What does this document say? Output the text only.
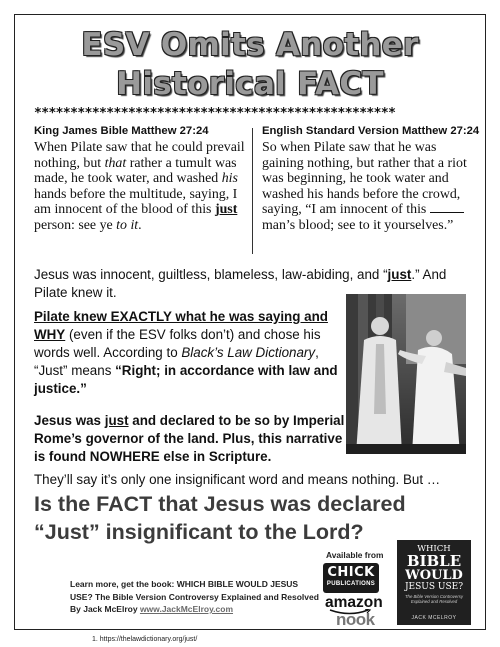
ESV Omits Another
Historical FACT
**************************************************
King James Bible Matthew 27:24
When Pilate saw that he could prevail nothing, but that rather a tumult was made, he took water, and washed his hands before the multitude, saying, I am innocent of the blood of this just person: see ye to it.
English Standard Version Matthew 27:24
So when Pilate saw that he was gaining nothing, but rather that a riot was beginning, he took water and washed his hands before the crowd, saying, “I am innocent of this  man’s blood; see to it yourselves.”

Jesus was innocent, guiltless, blameless, law-abiding, and “just.” And Pilate knew it.

Pilate knew EXACTLY what he was saying and WHY (even if the ESV folks don’t) and chose his words well. According to Black’s Law Dictionary, “Just” means “Right; in accordance with law and justice.”

Jesus was just and declared to be so by Imperial Rome’s governor of the land. Plus, this narrative is found NOWHERE else in Scripture.

They’ll say it’s only one insignificant word and means nothing. But …

Is the FACT that Jesus was declared “Just” insignificant to the Lord?
Available from
CHICK
PUBLICATIONS
amazon
nook
WHICH
BIBLE
WOULD
JESUS USE?
The Bible Version Controversy Explained and Resolved
JACK MCELROY
Learn more, get the book: WHICH BIBLE WOULD JESUS USE? The Bible Version Controversy Explained and Resolved By Jack McElroy www.JackMcElroy.com
1. https://thelawdictionary.org/just/
